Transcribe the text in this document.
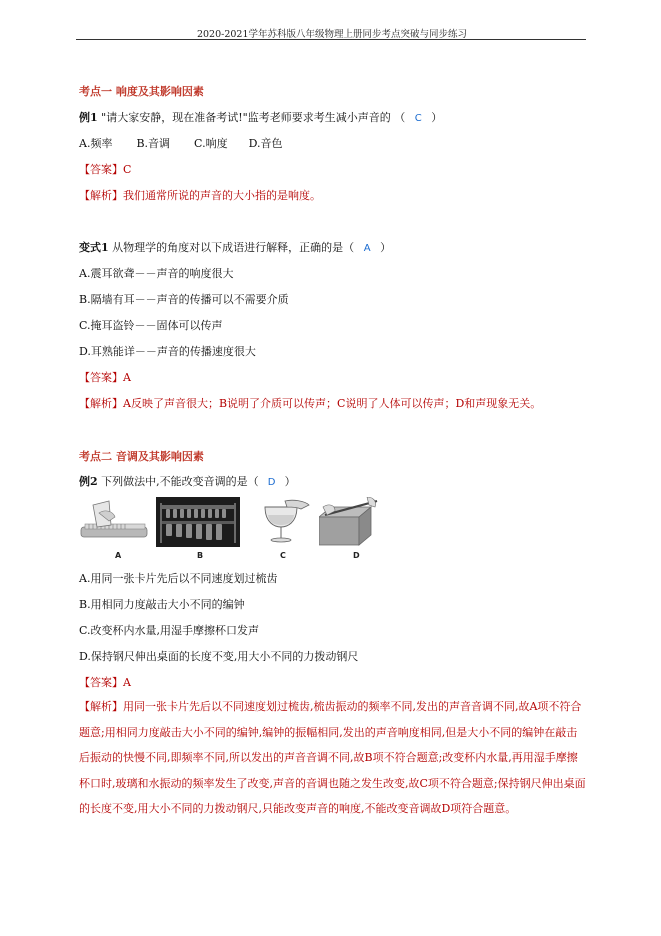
2020-2021学年苏科版八年级物理上册同步考点突破与同步练习
考点一 响度及其影响因素
例1 "请大家安静，现在准备考试!"监考老师要求考生减小声音的 （ C ）
A.频率 B.音调 C.响度 D.音色
【答案】C
【解析】我们通常所说的声音的大小指的是响度。
变式1 从物理学的角度对以下成语进行解释，正确的是（ A ）
A.震耳欲聋－－声音的响度很大
B.隔墙有耳－－声音的传播可以不需要介质
C.掩耳盗铃－－固体可以传声
D.耳熟能详－－声音的传播速度很大
【答案】A
【解析】A反映了声音很大；B说明了介质可以传声；C说明了人体可以传声；D和声现象无关。
考点二 音调及其影响因素
例2 下列做法中,不能改变音调的是（ D ）
A	B	C	D
A.用同一张卡片先后以不同速度划过梳齿
B.用相同力度敲击大小不同的编钟
C.改变杯内水量,用湿手摩擦杯口发声
D.保持钢尺伸出桌面的长度不变,用大小不同的力拨动钢尺
【答案】A
【解析】用同一张卡片先后以不同速度划过梳齿,梳齿振动的频率不同,发出的声音音调不同,故A项不符合题意;用相同力度敲击大小不同的编钟,编钟的振幅相同,发出的声音响度相同,但是大小不同的编钟在敲击后振动的快慢不同,即频率不同,所以发出的声音音调不同,故B项不符合题意;改变杯内水量,再用湿手摩擦杯口时,玻璃和水振动的频率发生了改变,声音的音调也随之发生改变,故C项不符合题意;保持钢尺伸出桌面的长度不变,用大小不同的力拨动钢尺,只能改变声音的响度,不能改变音调故D项符合题意。
